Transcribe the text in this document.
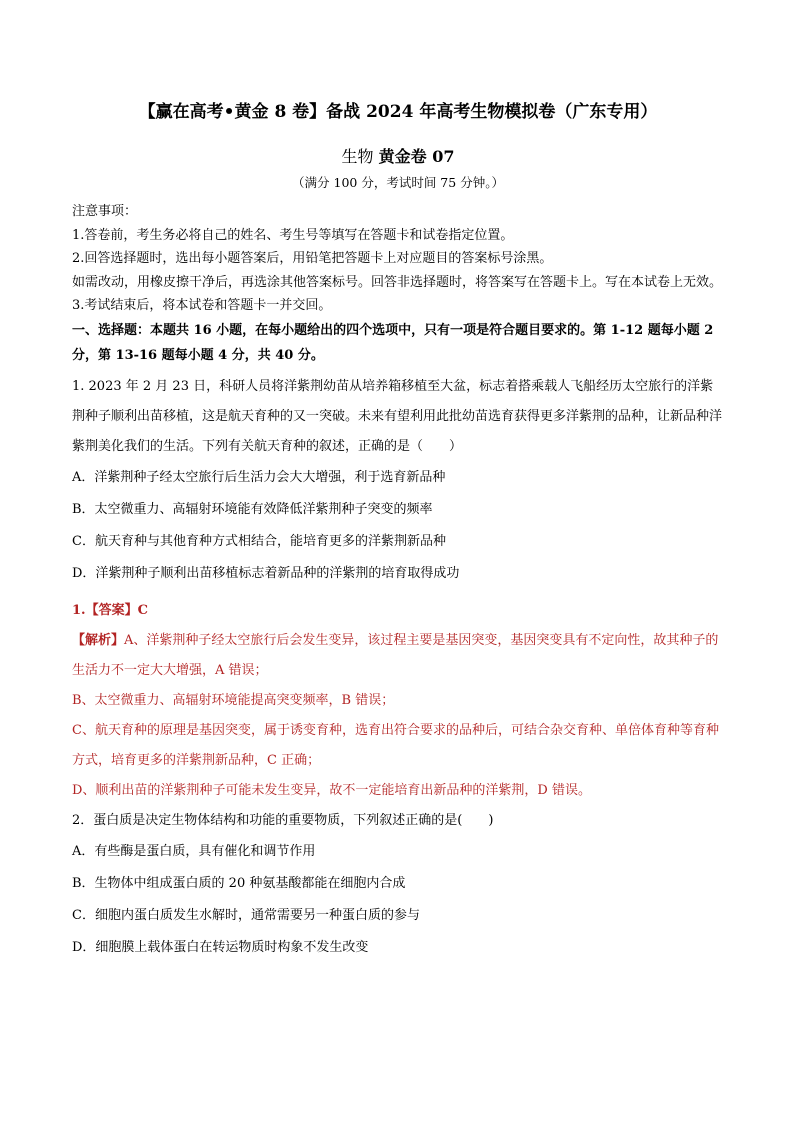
【赢在高考•黄金 8 卷】备战 2024 年高考生物模拟卷（广东专用）
生物 黄金卷 07
（满分 100 分，考试时间 75 分钟。）

注意事项：

1.答卷前，考生务必将自己的姓名、考生号等填写在答题卡和试卷指定位置。

2.回答选择题时，选出每小题答案后，用铅笔把答题卡上对应题目的答案标号涂黑。

如需改动，用橡皮擦干净后，再选涂其他答案标号。回答非选择题时，将答案写在答题卡上。写在本试卷上无效。

3.考试结束后，将本试卷和答题卡一并交回。

一、选择题：本题共 16 小题，在每小题给出的四个选项中，只有一项是符合题目要求的。第 1-12 题每小题 2 分，第 13-16 题每小题 4 分，共 40 分。

1. 2023 年 2 月 23 日，科研人员将洋紫荆幼苗从培养箱移植至大盆，标志着搭乘载人飞船经历太空旅行的洋紫荆种子顺利出苗移植，这是航天育种的又一突破。未来有望利用此批幼苗选育获得更多洋紫荆的品种，让新品种洋紫荆美化我们的生活。下列有关航天育种的叙述，正确的是（　　）

A．洋紫荆种子经太空旅行后生活力会大大增强，利于选育新品种

B．太空微重力、高辐射环境能有效降低洋紫荆种子突变的频率

C．航天育种与其他育种方式相结合，能培育更多的洋紫荆新品种

D．洋紫荆种子顺利出苗移植标志着新品种的洋紫荆的培育取得成功

1.【答案】C

【解析】A、洋紫荆种子经太空旅行后会发生变异，该过程主要是基因突变，基因突变具有不定向性，故其种子的生活力不一定大大增强，A 错误；

B、太空微重力、高辐射环境能提高突变频率，B 错误；

C、航天育种的原理是基因突变，属于诱变育种，选育出符合要求的品种后，可结合杂交育种、单倍体育种等育种方式，培育更多的洋紫荆新品种，C 正确；

D、顺利出苗的洋紫荆种子可能未发生变异，故不一定能培育出新品种的洋紫荆，D 错误。

2．蛋白质是决定生物体结构和功能的重要物质，下列叙述正确的是(　　)

A．有些酶是蛋白质，具有催化和调节作用

B．生物体中组成蛋白质的 20 种氨基酸都能在细胞内合成

C．细胞内蛋白质发生水解时，通常需要另一种蛋白质的参与

D．细胞膜上载体蛋白在转运物质时构象不发生改变
